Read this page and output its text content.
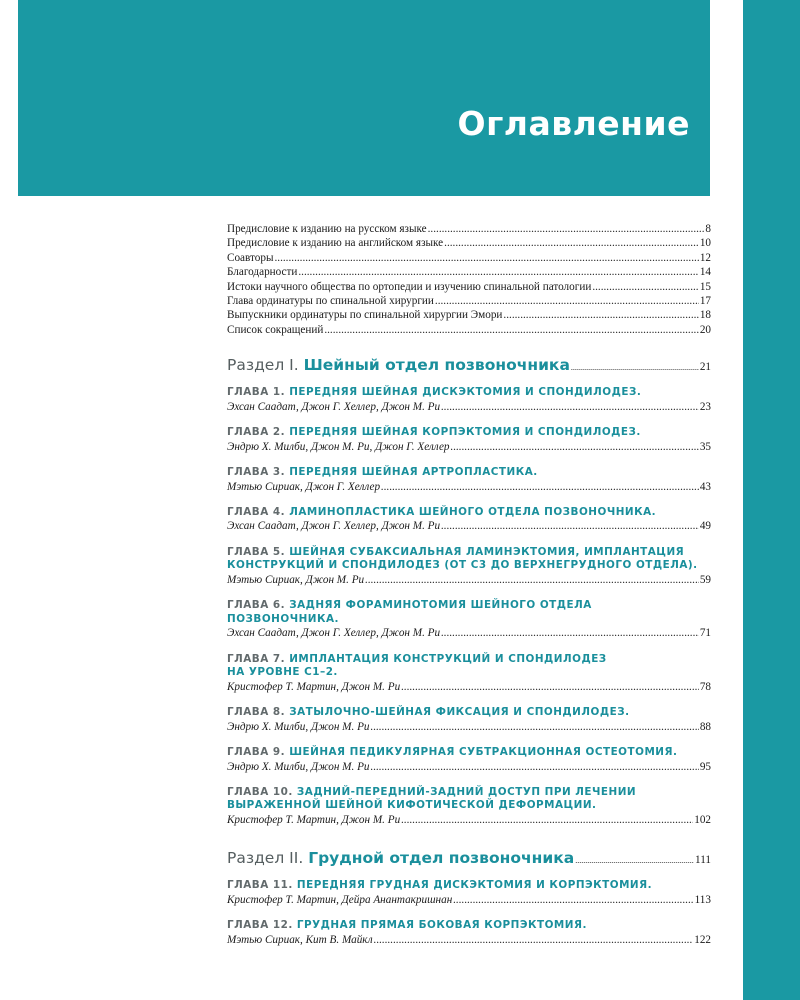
Оглавление
Предисловие к изданию на русском языке .....	8
Предисловие к изданию на английском языке .....	10
Соавторы .....	12
Благодарности .....	14
Истоки научного общества по ортопедии и изучению спинальной патологии .....	15
Глава ординатуры по спинальной хирургии .....	17
Выпускники ординатуры по спинальной хирургии Эмори .....	18
Список сокращений .....	20
Раздел I. Шейный отдел позвоночника .....	21
ГЛАВА 1. ПЕРЕДНЯЯ ШЕЙНАЯ ДИСКЭКТОМИЯ И СПОНДИЛОДЕЗ.
Эхсан Саадат, Джон Г. Хеллер, Джон М. Ри .....	23
ГЛАВА 2. ПЕРЕДНЯЯ ШЕЙНАЯ КОРПЭКТОМИЯ И СПОНДИЛОДЕЗ.
Эндрю Х. Милби, Джон М. Ри, Джон Г. Хеллер .....	35
ГЛАВА 3. ПЕРЕДНЯЯ ШЕЙНАЯ АРТРОПЛАСТИКА.
Мэтью Сириак, Джон Г. Хеллер .....	43
ГЛАВА 4. ЛАМИНОПЛАСТИКА ШЕЙНОГО ОТДЕЛА ПОЗВОНОЧНИКА.
Эхсан Саадат, Джон Г. Хеллер, Джон М. Ри .....	49
ГЛАВА 5. ШЕЙНАЯ СУБАКСИАЛЬНАЯ ЛАМИНЭКТОМИЯ, ИМПЛАНТАЦИЯ
КОНСТРУКЦИЙ И СПОНДИЛОДЕЗ (ОТ С3 ДО ВЕРХНЕГРУДНОГО ОТДЕЛА).
Мэтью Сириак, Джон М. Ри .....	59
ГЛАВА 6. ЗАДНЯЯ ФОРАМИНОТОМИЯ ШЕЙНОГО ОТДЕЛА
ПОЗВОНОЧНИКА.
Эхсан Саадат, Джон Г. Хеллер, Джон М. Ри .....	71
ГЛАВА 7. ИМПЛАНТАЦИЯ КОНСТРУКЦИЙ И СПОНДИЛОДЕЗ
НА УРОВНЕ С1–2.
Кристофер Т. Мартин, Джон М. Ри .....	78
ГЛАВА 8. ЗАТЫЛОЧНО-ШЕЙНАЯ ФИКСАЦИЯ И СПОНДИЛОДЕЗ.
Эндрю Х. Милби, Джон М. Ри .....	88
ГЛАВА 9. ШЕЙНАЯ ПЕДИКУЛЯРНАЯ СУБТРАКЦИОННАЯ ОСТЕОТОМИЯ.
Эндрю Х. Милби, Джон М. Ри .....	95
ГЛАВА 10. ЗАДНИЙ-ПЕРЕДНИЙ-ЗАДНИЙ ДОСТУП ПРИ ЛЕЧЕНИИ
ВЫРАЖЕННОЙ ШЕЙНОЙ КИФОТИЧЕСКОЙ ДЕФОРМАЦИИ.
Кристофер Т. Мартин, Джон М. Ри .....	102
Раздел II. Грудной отдел позвоночника .....	111
ГЛАВА 11. ПЕРЕДНЯЯ ГРУДНАЯ ДИСКЭКТОМИЯ И КОРПЭКТОМИЯ.
Кристофер Т. Мартин, Дейра Анантакришнан .....	113
ГЛАВА 12. ГРУДНАЯ ПРЯМАЯ БОКОВАЯ КОРПЭКТОМИЯ.
Мэтью Сириак, Кит В. Майкл .....	122
